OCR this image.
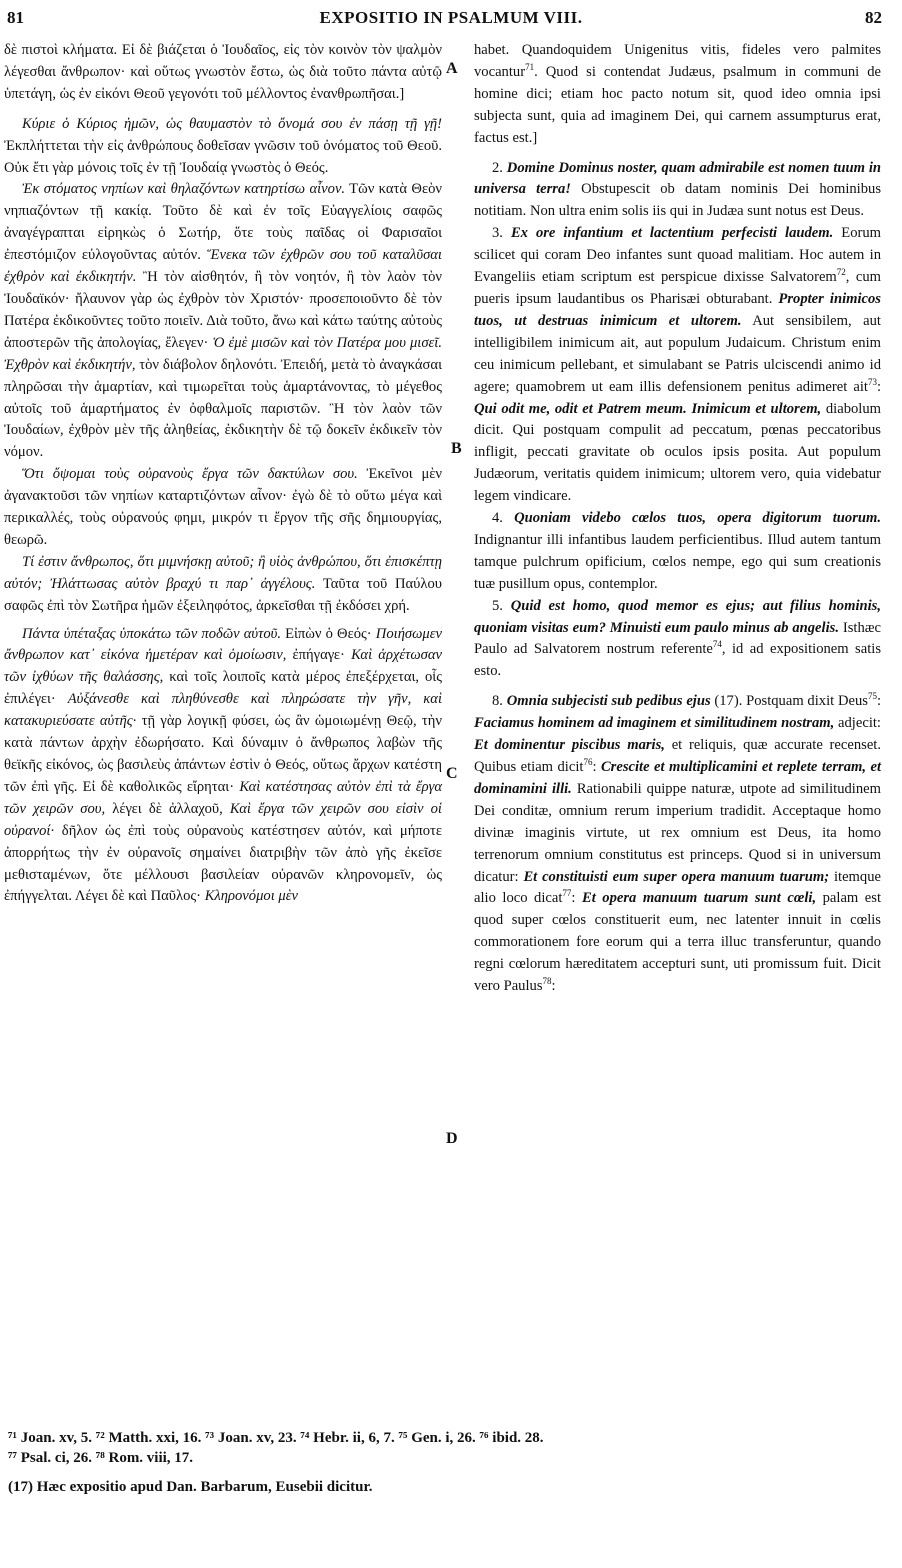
EXPOSITIO IN PSALMUM VIII.
81	82

δὲ πιστοὶ κλήματα. Εἰ δὲ βιάζεται ὁ Ἰουδαῖος, εἰς τὸν κοινὸν τὸν ψαλμὸν λέγεσθαι ἄνθρωπον· καὶ οὕτως γνωστὸν ἔστω, ὡς διὰ τοῦτο πάντα αὐτῷ ὑπετάγη, ὡς ἐν εἰκόνι Θεοῦ γεγονότι τοῦ μέλλοντος ἐνανθρωπῆσαι.]

Κύριε ὁ Κύριος ἡμῶν, ὡς θαυμαστὸν τὸ ὄνομά σου ἐν πάσῃ τῇ γῇ! Ἐκπλήττεται τὴν εἰς ἀνθρώπους δοθεῖσαν γνῶσιν τοῦ ὀνόματος τοῦ Θεοῦ. Οὐκ ἔτι γὰρ μόνοις τοῖς ἐν τῇ Ἰουδαίᾳ γνωστὸς ὁ Θεός.

Ἐκ στόματος νηπίων καὶ θηλαζόντων κατηρτίσω αἶνον. Τῶν κατὰ Θεὸν νηπιαζόντων τῇ κακίᾳ. Τοῦτο δὲ καὶ ἐν τοῖς Εὐαγγελίοις σαφῶς ἀναγέγραπται εἰρηκὼς ὁ Σωτήρ, ὅτε τοὺς παῖδας οἱ Φαρισαῖοι ἐπεστόμιζον εὐλογοῦντας αὐτόν. Ἕνεκα τῶν ἐχθρῶν σου τοῦ καταλῦσαι ἐχθρὸν καὶ ἐκδικητήν. Ἢ τὸν αἰσθητόν, ἢ τὸν νοητόν, ἢ τὸν λαὸν τὸν Ἰουδαϊκόν· ἤλαυνον γὰρ ὡς ἐχθρὸν τὸν Χριστόν· προσεποιοῦντο δὲ τὸν Πατέρα ἐκδικοῦντες τοῦτο ποιεῖν. Διὰ τοῦτο, ἄνω καὶ κάτω ταύτης αὐτοὺς ἀποστερῶν τῆς ἀπολογίας, ἔλεγεν· Ὁ ἐμὲ μισῶν καὶ τὸν Πατέρα μου μισεῖ. Ἐχθρὸν καὶ ἐκδικητήν, τὸν διάβολον δηλονότι. Ἐπειδή, μετὰ τὸ ἀναγκάσαι πληρῶσαι τὴν ἁμαρτίαν, καὶ τιμωρεῖται τοὺς ἁμαρτάνοντας, τὸ μέγεθος αὐτοῖς τοῦ ἁμαρτήματος ἐν ὀφθαλμοῖς παριστῶν. Ἢ τὸν λαὸν τῶν Ἰουδαίων, ἐχθρὸν μὲν τῆς ἀληθείας, ἐκδικητὴν δὲ τῷ δοκεῖν ἐκδικεῖν τὸν νόμον.

Ὅτι ὄψομαι τοὺς οὐρανοὺς ἔργα τῶν δακτύλων σου. Ἐκεῖνοι μὲν ἀγανακτοῦσι τῶν νηπίων καταρτιζόντων αἶνον· ἐγὼ δὲ τὸ οὕτω μέγα καὶ περικαλλές, τοὺς οὐρανούς φημι, μικρόν τι ἔργον τῆς σῆς δημιουργίας, θεωρῶ.

Τί ἐστιν ἄνθρωπος, ὅτι μιμνήσκῃ αὐτοῦ; ἢ υἱὸς ἀνθρώπου, ὅτι ἐπισκέπτῃ αὐτόν; Ἠλάττωσας αὐτὸν βραχύ τι παρ᾽ ἀγγέλους. Ταῦτα τοῦ Παύλου σαφῶς ἐπὶ τὸν Σωτῆρα ἡμῶν ἐξειληφότος, ἀρκεῖσθαι τῇ ἐκδόσει χρή.

Πάντα ὑπέταξας ὑποκάτω τῶν ποδῶν αὐτοῦ. Εἰπὼν ὁ Θεός· Ποιήσωμεν ἄνθρωπον κατ᾽ εἰκόνα ἡμετέραν καὶ ὁμοίωσιν, ἐπήγαγε· Καὶ ἀρχέτωσαν τῶν ἰχθύων τῆς θαλάσσης, καὶ τοῖς λοιποῖς κατὰ μέρος ἐπεξέρχεται, οἷς ἐπιλέγει· Αὐξάνεσθε καὶ πληθύνεσθε καὶ πληρώσατε τὴν γῆν, καὶ κατακυριεύσατε αὐτῆς· τῇ γὰρ λογικῇ φύσει, ὡς ἂν ὡμοιωμένῃ Θεῷ, τὴν κατὰ πάντων ἀρχὴν ἐδωρήσατο. Καὶ δύναμιν ὁ ἄνθρωπος λαβὼν τῆς θεϊκῆς εἰκόνος, ὡς βασιλεὺς ἁπάντων ἐστὶν ὁ Θεός, οὕτως ἄρχων κατέστη τῶν ἐπὶ γῆς. Εἰ δὲ καθολικῶς εἴρηται· Καὶ κατέστησας αὐτὸν ἐπὶ τὰ ἔργα τῶν χειρῶν σου, λέγει δὲ ἀλλαχοῦ, Καὶ ἔργα τῶν χειρῶν σου εἰσὶν οἱ οὐρανοί· δῆλον ὡς ἐπὶ τοὺς οὐρανοὺς κατέστησεν αὐτόν, καὶ μήποτε ἀπορρήτως τὴν ἐν οὐρανοῖς σημαίνει διατριβὴν τῶν ἀπὸ γῆς ἐκεῖσε μεθισταμένων, ὅτε μέλλουσι βασιλείαν οὐρανῶν κληρονομεῖν, ὡς ἐπήγγελται. Λέγει δὲ καὶ Παῦλος· Κληρονόμοι μὲν

A
B
C
D

habet. Quandoquidem Unigenitus vitis, fideles vero palmites vocantur$^{71}$. Quod si contendat Judæus, psalmum in communi de homine dici; etiam hoc pacto notum sit, quod ideo omnia ipsi subjecta sunt, quia ad imaginem Dei, qui carnem assumpturus erat, factus est.]

2. Domine Dominus noster, quam admirabile est nomen tuum in universa terra! Obstupescit ob datam nominis Dei hominibus notitiam. Non ultra enim solis iis qui in Judæa sunt notus est Deus.

3. Ex ore infantium et lactentium perfecisti laudem. Eorum scilicet qui coram Deo infantes sunt quoad malitiam. Hoc autem in Evangeliis etiam scriptum est perspicue dixisse Salvatorem$^{72}$, cum pueris ipsum laudantibus os Pharisæi obturabant. Propter inimicos tuos, ut destruas inimicum et ultorem. Aut sensibilem, aut intelligibilem inimicum ait, aut populum Judaicum. Christum enim ceu inimicum pellebant, et simulabant se Patris ulciscendi animo id agere; quamobrem ut eam illis defensionem penitus adimeret ait$^{73}$: Qui odit me, odit et Patrem meum. Inimicum et ultorem, diabolum dicit. Qui postquam compulit ad peccatum, pœnas peccatoribus infligit, peccati gravitate ob oculos ipsis posita. Aut populum Judæorum, veritatis quidem inimicum; ultorem vero, quia videbatur legem vindicare.

4. Quoniam videbo cœlos tuos, opera digitorum tuorum. Indignantur illi infantibus laudem perficientibus. Illud autem tantum tamque pulchrum opificium, cœlos nempe, ego qui sum creationis tuæ pusillum opus, contemplor.

5. Quid est homo, quod memor es ejus; aut filius hominis, quoniam visitas eum? Minuisti eum paulo minus ab angelis. Isthæc Paulo ad Salvatorem nostrum referente$^{74}$, id ad expositionem satis esto.

8. Omnia subjecisti sub pedibus ejus (17). Postquam dixit Deus$^{75}$: Faciamus hominem ad imaginem et similitudinem nostram, adjecit: Et dominentur piscibus maris, et reliquis, quæ accurate recenset. Quibus etiam dicit$^{76}$: Crescite et multiplicamini et replete terram, et dominamini illi. Rationabili quippe naturæ, utpote ad similitudinem Dei conditæ, omnium rerum imperium tradidit. Acceptaque homo divinæ imaginis virtute, ut rex omnium est Deus, ita homo terrenorum omnium constitutus est princeps. Quod si in universum dicatur: Et constituisti eum super opera manuum tuarum; itemque alio loco dicat$^{77}$: Et opera manuum tuarum sunt cœli, palam est quod super cœlos constituerit eum, nec latenter innuit in cœlis commorationem fore eorum qui a terra illuc transferuntur, quando regni cœlorum hæreditatem accepturi sunt, uti promissum fuit. Dicit vero Paulus$^{78}$:

⁷¹ Joan. xv, 5. ⁷² Matth. xxi, 16. ⁷³ Joan. xv, 23. ⁷⁴ Hebr. ii, 6, 7. ⁷⁵ Gen. i, 26. ⁷⁶ ibid. 28.
⁷⁷ Psal. ci, 26. ⁷⁸ Rom. viii, 17.
(17) Hæc expositio apud Dan. Barbarum, Eusebii dicitur.
